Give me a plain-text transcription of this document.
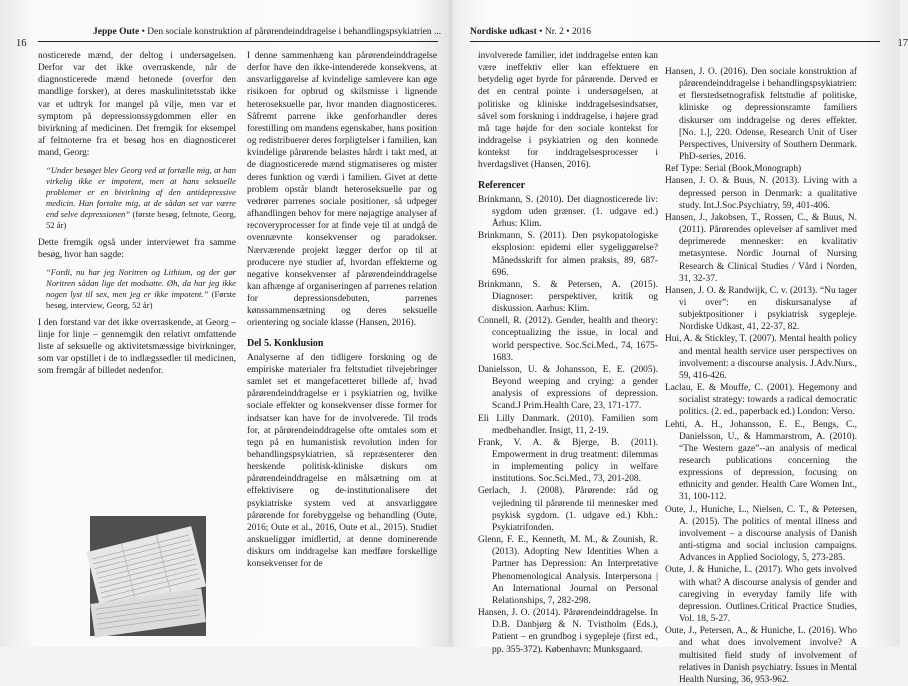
16
Jeppe Oute • Den sociale konstruktion af pårørendeinddragelse i behandlingspsykiatrien ...

nosticerede mænd, der deltog i undersøgelsen. Derfor var det ikke overraskende, når de diagnosticerede mænd betonede (overfor den mandlige forsker), at deres maskulinitetsstab ikke var et udtryk for mangel på vilje, men var et symptom på depressionssygdommen eller en bivirkning af medicinen. Det fremgik for eksempel af feltnoterne fra et besøg hos en diagnosticeret mand, Georg:

“Under besøget blev Georg ved at fortælle mig, at han virkelig ikke er impotent, men at hans seksuelle problemer er en bivirkning af den antidepressive medicin. Han fortalte mig, at de sådan set var værre end selve depressionen” (første besøg, feltnote, Georg, 52 år)

Dette fremgik også under interviewet fra samme besøg, hvor han sagde:

“Fordi, nu har jeg Noritren og Lithium, og der gør Noritren sådan lige det modsatte. Øh, da har jeg ikke nogen lyst til sex, men jeg er ikke impotent.” (Første besøg, interview, Georg, 52 år)

I den forstand var det ikke overraskende, at Georg – linje for linje – gennemgik den relativt omfattende liste af seksuelle og aktivitetsmæssige bivirkninger, som var opstillet i de to indlægssedler til medicinen, som fremgår af billedet nedenfor.

I denne sammenhæng kan pårørendeinddragelse derfor have den ikke-intenderede konsekvens, at ansvarliggørelse af kvindelige samlevere kan øge risikoen for opbrud og skilsmisse i lignende heteroseksuelle par, hvor manden diagnosticeres. Såfremt parrene ikke genforhandler deres forestilling om mandens egenskaber, hans position og redistribuerer deres forpligtelser i familien, kan kvindelige pårørende belastes hårdt i takt med, at de diagnosticerede mænd stigmatiseres og mister deres funktion og værdi i familien. Givet at dette problem opstår blandt heteroseksuelle par og vedrører parrenes sociale positioner, så udpeger afhandlingen behov for mere nøjagtige analyser af recoveryprocesser for at finde veje til at undgå de ovennævnte konsekvenser og paradokser. Nærværende projekt lægger derfor op til at producere nye studier af, hvordan effekterne og negative konsekvenser af pårørendeinddragelse kan afhænge af organiseringen af parrenes relation for depressionsdebuten, parrenes kønssammensætning og deres seksuelle orientering og sociale klasse (Hansen, 2016).

Del 5. Konklusion

Analyserne af den tidligere forskning og de empiriske materialer fra feltstudiet tilvejebringer samlet set et mangefacetteret billede af, hvad pårørendeinddragelse er i psykiatrien og, hvilke sociale effekter og konsekvenser disse former for indsatser kan have for de involverede. Til trods for, at pårørendeinddragelse ofte omtales som et tegn på en humanistisk revolution inden for behandlingspsykiatrien, så repræsenterer den herskende politisk-kliniske diskurs om pårørendeinddragelse en målsætning om at effektivisere og de-institutionalisere det psykiatriske system ved at ansvarliggøre pårørende for forebyggelse og behandling (Oute, 2016; Oute et al., 2016, Oute et al., 2015). Studiet anskueliggør imidlertid, at denne dominerende diskurs om inddragelse kan medføre forskellige konsekvenser for de

Nordiske udkast • Nr. 2 • 2016
17

involverede familier, idet inddragelse enten kan være ineffektiv eller kan effektuere en betydelig øget byrde for pårørende. Derved er det en central pointe i undersøgelsen, at politiske og kliniske inddragelsesindsatser, såvel som forskning i inddragelse, i højere grad må tage højde for den sociale kontekst for inddragelse i psykiatrien og den konnede kontekst for inddragelsesprocesser i hverdagslivet (Hansen, 2016).

Referencer

Brinkmann, S. (2010). Det diagnosticerede liv: sygdom uden grænser. (1. udgave ed.) Århus: Klim.

Brinkmann, S. (2011). Den psykopatologiske eksplosion: epidemi eller sygeliggørelse? Månedsskrift for almen praksis, 89, 687-696.

Brinkmann, S. & Petersen, A. (2015). Diagnoser: perspektiver, kritik og diskussion. Aarhus: Klim.

Connell, R. (2012). Gender, health and theory: conceptualizing the issue, in local and world perspective. Soc.Sci.Med., 74, 1675-1683.

Danielsson, U. & Johansson, E. E. (2005). Beyond weeping and crying: a gender analysis of expressions of depression. Scand.J Prim.Health Care, 23, 171-177.

Eli Lilly Danmark. (2010). Familien som medbehandler. Insigt, 11, 2-19.

Frank, V. A. & Bjerge, B. (2011). Empowerment in drug treatment: dilemmas in implementing policy in welfare institutions. Soc.Sci.Med., 73, 201-208.

Gerlach, J. (2008). Pårørende: råd og vejledning til pårørende til mennesker med psykisk sygdom. (1. udgave ed.) Kbh.: Psykiatrifonden.

Glenn, F. E., Kenneth, M. M., & Zounish, R. (2013). Adopting New Identities When a Partner has Depression: An Interpretative Phenomenological Analysis. Interpersona | An International Journal on Personal Relationships, 7, 282-298.

Hansen, J. O. (2014). Pårørendeinddragelse. In D.B. Danbjørg & N. Tvistholm (Eds.), Patient – en grundbog i sygepleje (first ed., pp. 355-372). København: Munksgaard.

Hansen, J. O. (2016). Den sociale konstruktion af pårørendeinddragelse i behandlingspsykiatrien: et flerstedsetnografisk feltstudie af politiske, kliniske og depressionsramte familiers diskurser om inddragelse og deres effekter. [No. 1.], 220. Odense, Research Unit of User Perspectives, University of Southern Denmark. PhD-series, 2016.

Ref Type: Serial (Book,Monograph)

Hansen, J. O. & Buus, N. (2013). Living with a depressed person in Denmark: a qualitative study. Int.J.Soc.Psychiatry, 59, 401-406.

Hansen, J., Jakobsen, T., Rossen, C., & Buus, N. (2011). Pårørendes oplevelser af samlivet med deprimerede mennesker: en kvalitativ metasyntese. Nordic Journal of Nursing Research & Clinical Studies / Vård i Norden, 31, 32-37.

Hansen, J. O. & Randwijk, C. v. (2013). “Nu tager vi over”: en diskursanalyse af subjektpositioner i psykiatrisk sygepleje. Nordiske Udkast, 41, 22-37, 82.

Hui, A. & Stickley, T. (2007). Mental health policy and mental health service user perspectives on involvement: a discourse analysis. J.Adv.Nurs., 59, 416-426.

Laclau, E. & Mouffe, C. (2001). Hegemony and socialist strategy: towards a radical democratic politics. (2. ed., paperback ed.) London: Verso.

Lehti, A. H., Johansson, E. E., Bengs, C., Danielsson, U., & Hammarstrom, A. (2010). “The Western gaze”--an analysis of medical research publications concerning the expressions of depression, focusing on ethnicity and gender. Health Care Women Int., 31, 100-112.

Oute, J., Huniche, L., Nielsen, C. T., & Petersen, A. (2015). The politics of mental illness and involvement – a discourse analysis of Danish anti-stigma and social inclusion campaigns. Advances in Applied Sociology, 5, 273-285.

Oute, J. & Huniche, L. (2017). Who gets involved with what? A discourse analysis of gender and caregiving in everyday family life with depression. Outlines.Critical Practice Studies, Vol. 18, 5-27.

Oute, J., Petersen, A., & Huniche, L. (2016). Who and what does involvement involve? A multisited field study of involvement of relatives in Danish psychiatry. Issues in Mental Health Nursing, 36, 953-962.
